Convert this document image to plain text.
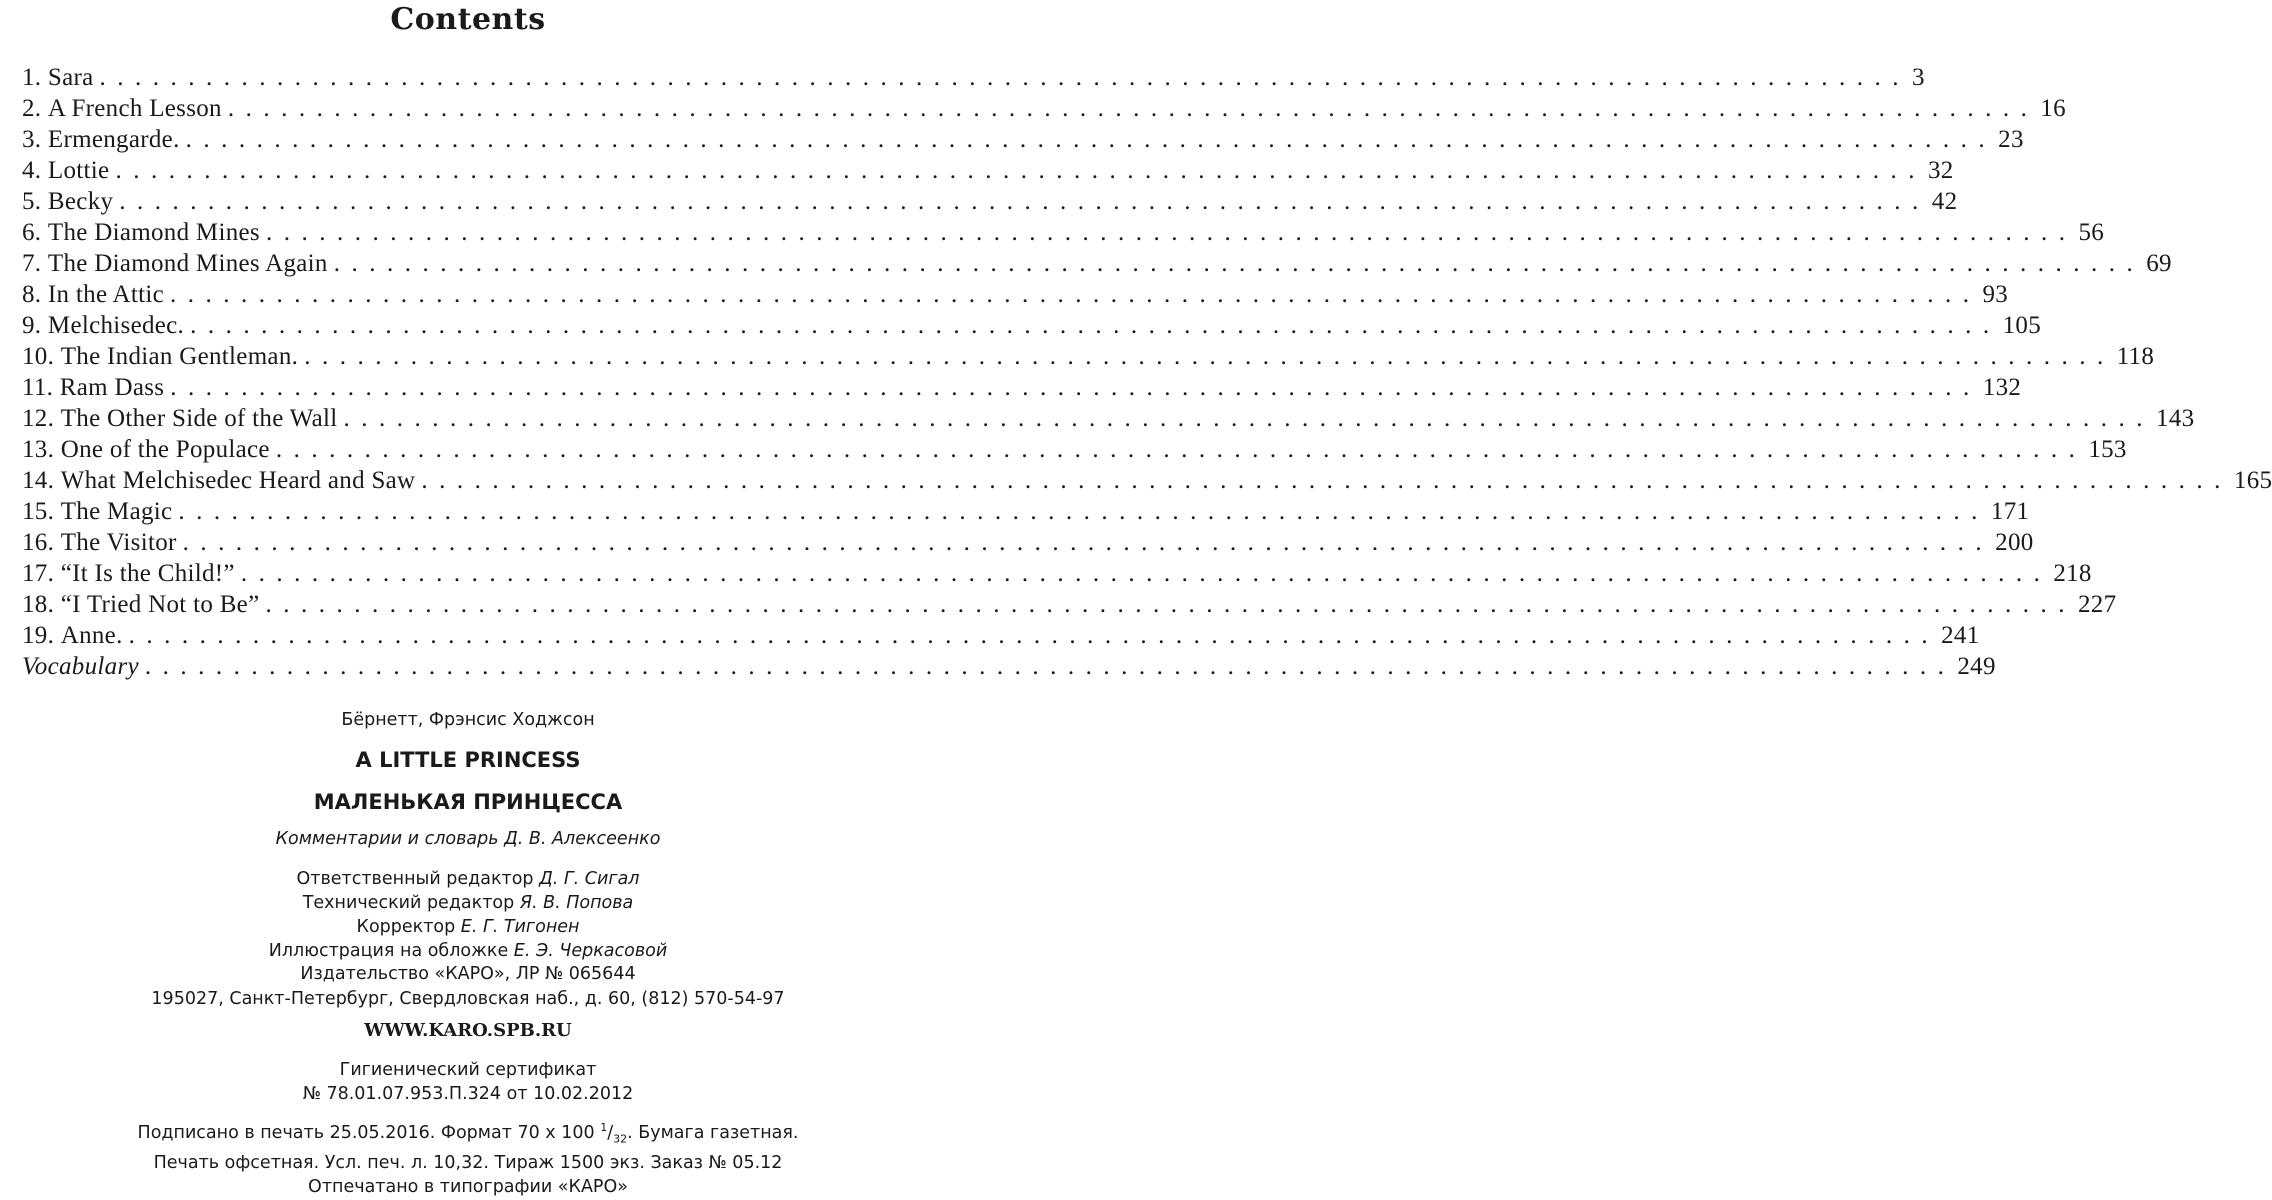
Contents
1. Sara ...................................................................................................... 3
2. A French Lesson ...................................................................................................... 16
3. Ermengarde. ...................................................................................................... 23
4. Lottie ...................................................................................................... 32
5. Becky ...................................................................................................... 42
6. The Diamond Mines ...................................................................................................... 56
7. The Diamond Mines Again ...................................................................................................... 69
8. In the Attic ...................................................................................................... 93
9. Melchisedec. ...................................................................................................... 105
10. The Indian Gentleman. ...................................................................................................... 118
11. Ram Dass ...................................................................................................... 132
12. The Other Side of the Wall ...................................................................................................... 143
13. One of the Populace ...................................................................................................... 153
14. What Melchisedec Heard and Saw ...................................................................................................... 165
15. The Magic ...................................................................................................... 171
16. The Visitor ...................................................................................................... 200
17. “It Is the Child!” ...................................................................................................... 218
18. “I Tried Not to Be” ...................................................................................................... 227
19. Anne. ...................................................................................................... 241
Vocabulary ...................................................................................................... 249
Бёрнетт, Фрэнсис Ходжсон
A LITTLE PRINCESS
МАЛЕНЬКАЯ ПРИНЦЕССА
Комментарии и словарь Д. В. Алексеенко
Ответственный редактор Д. Г. Сигал
Технический редактор Я. В. Попова
Корректор Е. Г. Тигонен
Иллюстрация на обложке Е. Э. Черкасовой
Издательство «КАРО», ЛР № 065644
195027, Санкт-Петербург, Свердловская наб., д. 60, (812) 570-54-97
WWW.KARO.SPB.RU
Гигиенический сертификат
№ 78.01.07.953.П.324 от 10.02.2012
Подписано в печать 25.05.2016. Формат 70 х 100 $^1/_{32}$. Бумага газетная.
Печать офсетная. Усл. печ. л. 10,32. Тираж 1500 экз. Заказ № 05.12
Отпечатано в типографии «КАРО»
